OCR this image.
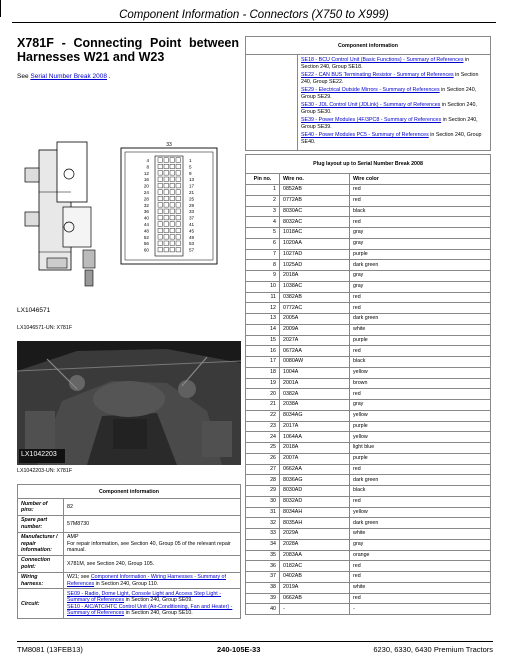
Component Information - Connectors (X750 to X999)
X781F - Connecting Point between
Harnesses W21 and W23
See Serial Number Break 2008 .
Component information

SE18 - BCU Control Unit (Basic Functions) - Summary of References in Section 240, Group SE18.
SE22 - CAN BUS Terminating Resistor - Summary of References in Section 240, Group SE22.
SE29 - Electrical Outside Mirrors - Summary of References in Section 240, Group SE29.
SE30 - JDL Control Unit (JDLink) - Summary of References in Section 240, Group SE30.
SE39 - Power Modules (4F/3PC8 - Summary of References in Section 240, Group SE39.
SE40 - Power Modules PC5 - Summary of References in Section 240, Group SE40.
33
4	1
8	5
12	9
16	13
20	17
24	21
28	25
32	29
36	33
40	37
44	41
48	45
52	49
56	53
60	57
LX1046571
LX1046571-UN: X781F
LX1042203
LX1042203-UN: X781F
Plug layout up to Serial Number Break 2008		
Pin no.	Wire no.	Wire color
1	0852AB	red
2	0772AB	red
3	8030AC	black
4	8032AC	red
5	1018AC	gray
6	1020AA	gray
7	1027AD	purple
8	1025AD	dark green
9	2018A	gray
10	1038AC	gray
11	0382AB	red
12	0772AC	red
13	2005A	dark green
14	2009A	white
15	2027A	purple
16	0672AA	red
17	0080AW	black
18	1004A	yellow
19	2001A	brown
20	0382A	red
21	2038A	gray
22	8034AG	yellow
23	2017A	purple
24	1064AA	yellow
25	2018A	light blue
26	2007A	purple
27	0662AA	red
28	8036AG	dark green
29	8030AD	black
30	8032AD	red
31	8034AH	yellow
32	8035AH	dark green
33	2029A	white
34	2028A	gray
35	2083AA	orange
36	0182AC	red
37	0402AB	red
38	2019A	white
39	0662AB	red
40	-	-
Component information	
Number of pins:	82
Spare part number:	57M8730
Manufacturer / repair information:	AMP
For repair information, see Section 40, Group 05 of the relevant repair manual.
Connection point:	X781M, see Section 240, Group 105.
Wiring harness:	W21; see Component Information - Wiring Harnesses - Summary of References in Section 240, Group 110.
Circuit:	SE09 - Radio, Dome Light, Console Light and Access Step Light - Summary of References in Section 240, Group SE09.
SE10 - AIC/ATC/HTC Control Unit (Air-Conditioning, Fan and Heater) - Summary of References in Section 240, Group SE10.
TM8081 (13FEB13)	240-105E-33	6230, 6330, 6430 Premium Tractors
